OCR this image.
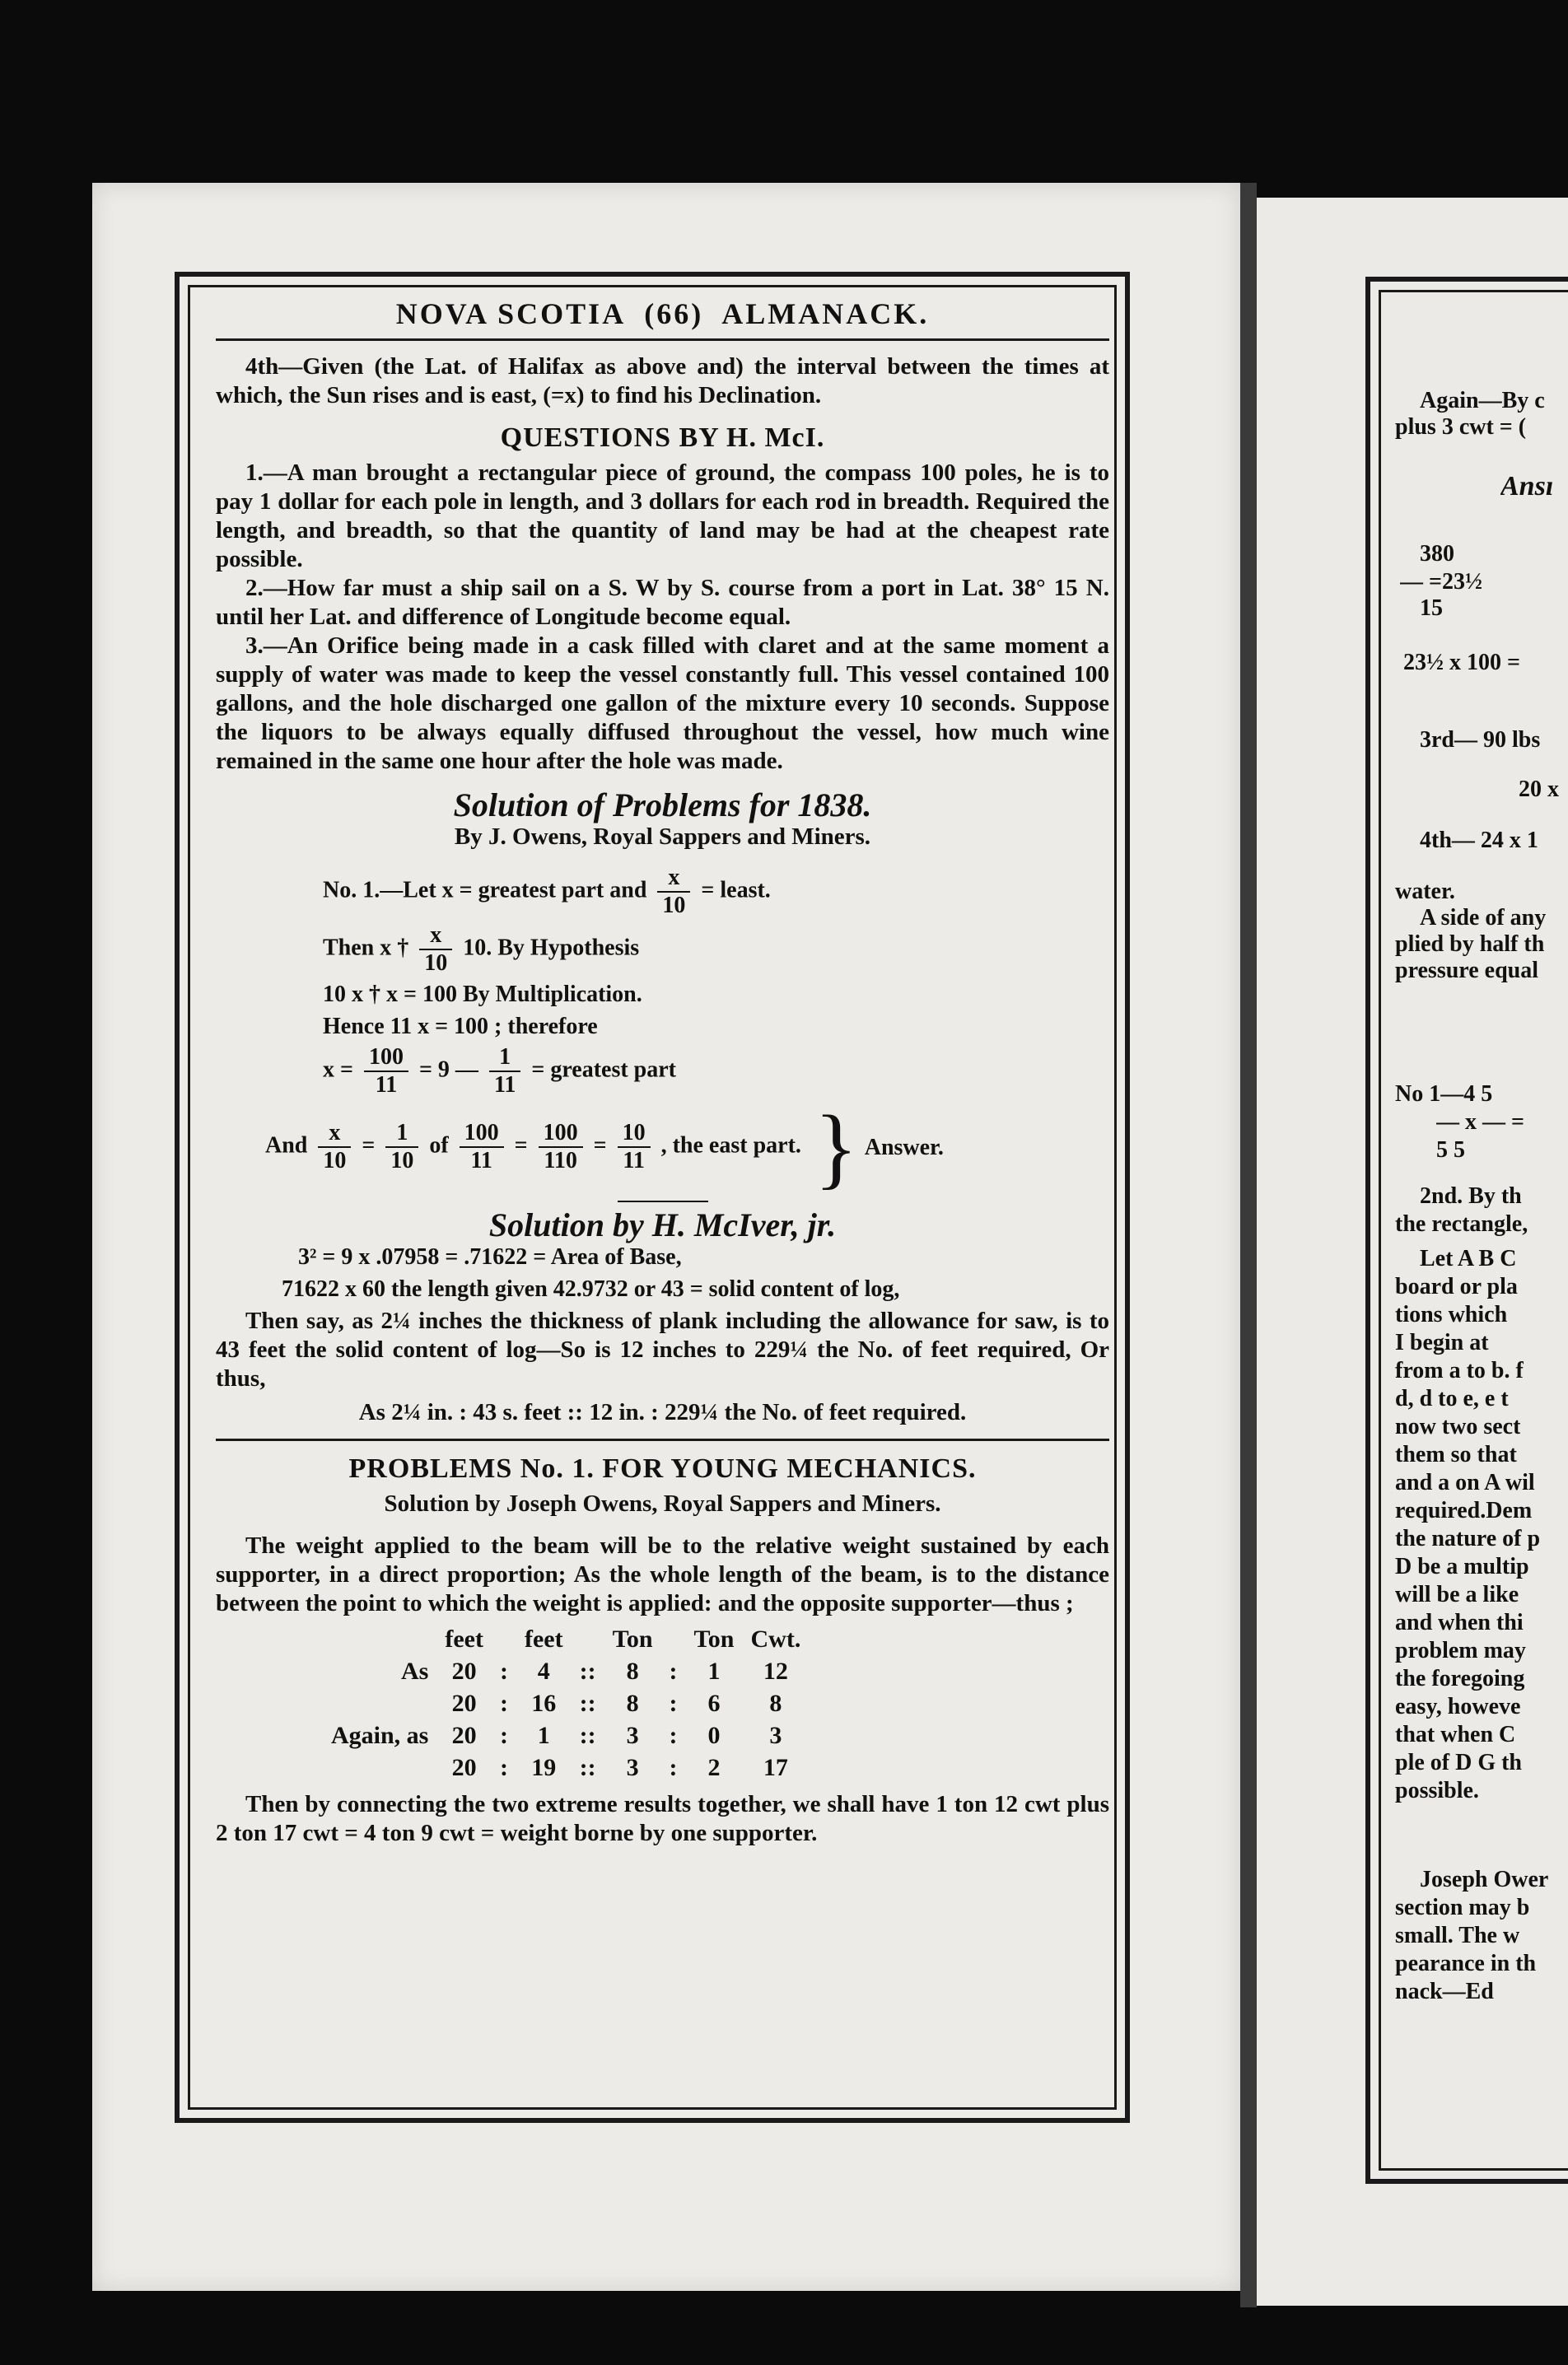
NOVA SCOTIA (66) ALMANACK.

4th—Given (the Lat. of Halifax as above and) the interval between the times at which, the Sun rises and is east, (=x) to find his Declination.

QUESTIONS BY H. McI.

1.—A man brought a rectangular piece of ground, the compass 100 poles, he is to pay 1 dollar for each pole in length, and 3 dollars for each rod in breadth. Required the length, and breadth, so that the quantity of land may be had at the cheapest rate possible.

2.—How far must a ship sail on a S. W by S. course from a port in Lat. 38° 15 N. until her Lat. and difference of Longitude become equal.

3.—An Orifice being made in a cask filled with claret and at the same moment a supply of water was made to keep the vessel constantly full. This vessel contained 100 gallons, and the hole discharged one gallon of the mixture every 10 seconds. Suppose the liquors to be always equally diffused throughout the vessel, how much wine remained in the same one hour after the hole was made.

Solution of Problems for 1838.
By J. Owens, Royal Sappers and Miners.
No. 1.—Let x = greatest part and $\frac{x}{10}$ = least.
Then x † $\frac{x}{10} 10$. By Hypothesis
10 x † x = 100 By Multiplication.
Hence 11 x = 100 ; therefore
$x = \frac{100}{11} = 9$ — $\frac{1}{11}$ = greatest part
And $\frac{x}{10} = \frac{1}{10}$ of $\frac{100}{11} = \frac{100}{110} = \frac{10}{11}$ , the east part. } Answer.
Solution by H. McIver, jr.
3² = 9 x .07958 = .71622 = Area of Base,
71622 x 60 the length given 42.9732 or 43 = solid content of log,

Then say, as 2¼ inches the thickness of plank including the allowance for saw, is to 43 feet the solid content of log—So is 12 inches to 229¼ the No. of feet required, Or thus,

As 2¼ in. : 43 s. feet :: 12 in. : 229¼ the No. of feet required.
PROBLEMS No. 1. FOR YOUNG MECHANICS.
Solution by Joseph Owens, Royal Sappers and Miners.

The weight applied to the beam will be to the relative weight sustained by each supporter, in a direct proportion; As the whole length of the beam, is to the distance between the point to which the weight is applied: and the opposite supporter—thus ;

	feet		feet		Ton		Ton	Cwt.
As	20	:	4	::	8	:	1	12
	20	:	16	::	8	:	6	8
Again, as	20	:	1	::	3	:	0	3
	20	:	19	::	3	:	2	17

Then by connecting the two extreme results together, we shall have 1 ton 12 cwt plus 2 ton 17 cwt = 4 ton 9 cwt = weight borne by one supporter.

Again—By c
plus 3 cwt = (
Ansı
380
— =23½
15
23½ x 100 =
3rd— 90 lbs
20 x
4th— 24 x 1
water.
A side of any
plied by half th
pressure equal
No 1—4 5
— x — =
5 5
2nd. By th
the rectangle,
Let A B C
board or pla
tions which
I begin at
from a to b. f
d, d to e, e t
now two sect
them so that
and a on A wil
required.Dem
the nature of p
D be a multip
will be a like
and when thi
problem may
the foregoing
easy, howeve
that when C
ple of D G th
possible.
Joseph Ower
section may b
small. The w
pearance in th
nack—Ed
